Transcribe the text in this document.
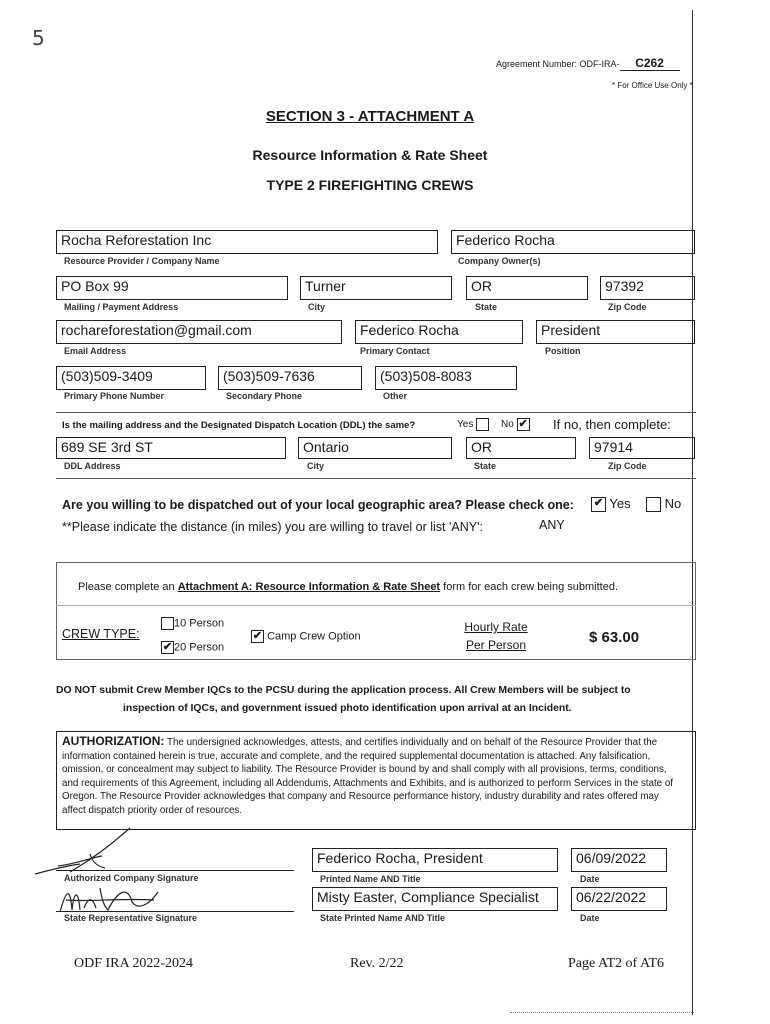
5
Agreement Number: ODF-IRA- C262
* For Office Use Only *
SECTION 3 - ATTACHMENT A
Resource Information & Rate Sheet
TYPE 2 FIREFIGHTING CREWS
Rocha Reforestation Inc
Resource Provider / Company Name
Federico Rocha
Company Owner(s)
PO Box 99
Mailing / Payment Address
Turner
City
OR
State
97392
Zip Code
rochareforestation@gmail.com
Email Address
Federico Rocha
Primary Contact
President
Position
(503)509-3409
Primary Phone Number
(503)509-7636
Secondary Phone
(503)508-8083
Other
Is the mailing address and the Designated Dispatch Location (DDL) the same?	Yes	No ✔ If no, then complete:
689 SE 3rd ST
DDL Address
Ontario
City
OR
State
97914
Zip Code
Are you willing to be dispatched out of your local geographic area? Please check one: ✔ Yes	No
**Please indicate the distance (in miles) you are willing to travel or list 'ANY':	ANY
Please complete an Attachment A: Resource Information & Rate Sheet form for each crew being submitted.
CREW TYPE:
10 Person
✔ 20 Person
✔ Camp Crew Option
Hourly Rate
Per Person	$ 63.00
DO NOT submit Crew Member IQCs to the PCSU during the application process. All Crew Members will be subject to
inspection of IQCs, and government issued photo identification upon arrival at an Incident.
AUTHORIZATION: The undersigned acknowledges, attests, and certifies individually and on behalf of the Resource Provider that the information contained herein is true, accurate and complete, and the required supplemental documentation is attached. Any falsification, omission, or concealment may subject to liability. The Resource Provider is bound by and shall comply with all provisions, terms, conditions, and requirements of this Agreement, including all Addendums, Attachments and Exhibits, and is authorized to perform Services in the state of Oregon. The Resource Provider acknowledges that company and Resource performance history, industry durability and rates offered may affect dispatch priority order of resources.
Authorized Company Signature
Federico Rocha, President
Printed Name AND Title
06/09/2022
Date
State Representative Signature
Misty Easter, Compliance Specialist
State Printed Name AND Title
06/22/2022
Date
ODF IRA 2022-2024	Rev. 2/22	Page AT2 of AT6
